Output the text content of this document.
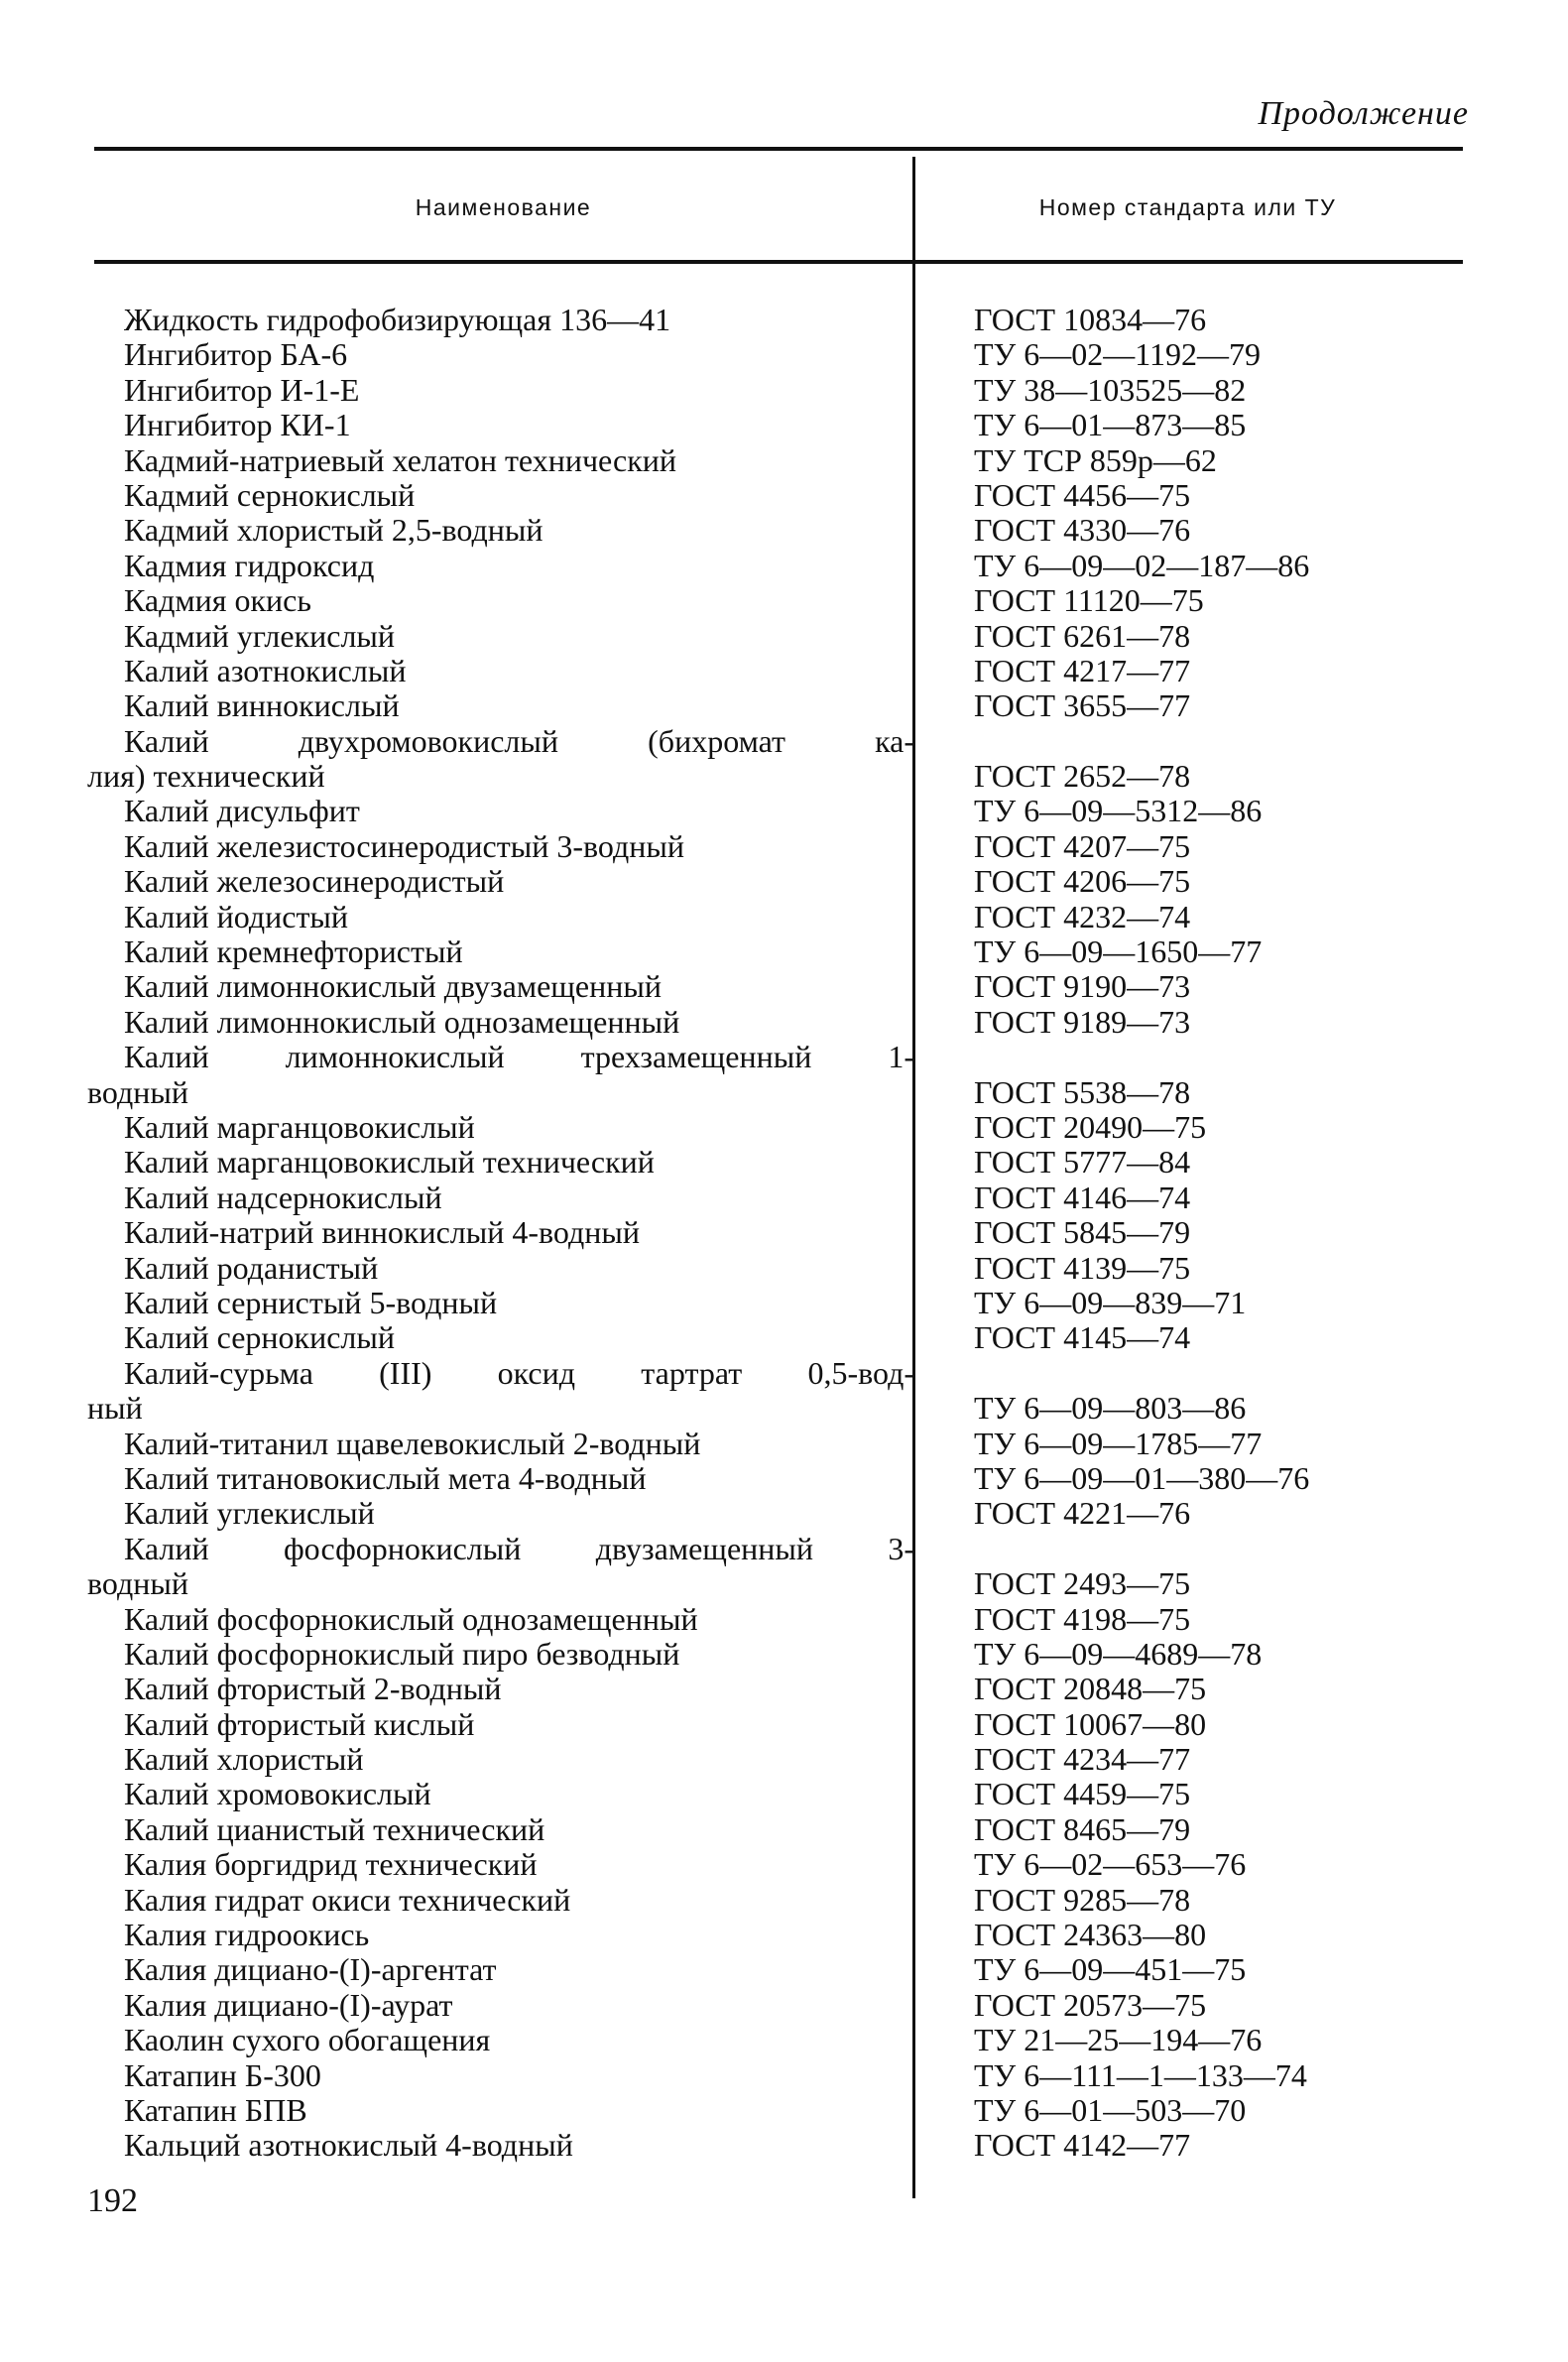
Продолжение
Наименование	Номер стандарта или ТУ
Жидкость гидрофобизирующая 136—41	ГОСТ 10834—76
Ингибитор БА-6	ТУ 6—02—1192—79
Ингибитор И-1-Е	ТУ 38—103525—82
Ингибитор КИ-1	ТУ 6—01—873—85
Кадмий-натриевый хелатон технический	ТУ ТСР 859р—62
Кадмий сернокислый	ГОСТ 4456—75
Кадмий хлористый 2,5-водный	ГОСТ 4330—76
Кадмия гидроксид	ТУ 6—09—02—187—86
Кадмия окись	ГОСТ 11120—75
Кадмий углекислый	ГОСТ 6261—78
Калий азотнокислый	ГОСТ 4217—77
Калий виннокислый	ГОСТ 3655—77
Калий двухромовокислый (бихромат ка-
лия) технический	ГОСТ 2652—78
Калий дисульфит	ТУ 6—09—5312—86
Калий железистосинеродистый 3-водный	ГОСТ 4207—75
Калий железосинеродистый	ГОСТ 4206—75
Калий йодистый	ГОСТ 4232—74
Калий кремнефтористый	ТУ 6—09—1650—77
Калий лимоннокислый двузамещенный	ГОСТ 9190—73
Калий лимоннокислый однозамещенный	ГОСТ 9189—73
Калий лимоннокислый трехзамещенный 1-
водный	ГОСТ 5538—78
Калий марганцовокислый	ГОСТ 20490—75
Калий марганцовокислый технический	ГОСТ 5777—84
Калий надсернокислый	ГОСТ 4146—74
Калий-натрий виннокислый 4-водный	ГОСТ 5845—79
Калий роданистый	ГОСТ 4139—75
Калий сернистый 5-водный	ТУ 6—09—839—71
Калий сернокислый	ГОСТ 4145—74
Калий-сурьма (III) оксид тартрат 0,5-вод-
ный	ТУ 6—09—803—86
Калий-титанил щавелевокислый 2-водный	ТУ 6—09—1785—77
Калий титановокислый мета 4-водный	ТУ 6—09—01—380—76
Калий углекислый	ГОСТ 4221—76
Калий фосфорнокислый двузамещенный 3-
водный	ГОСТ 2493—75
Калий фосфорнокислый однозамещенный	ГОСТ 4198—75
Калий фосфорнокислый пиро безводный	ТУ 6—09—4689—78
Калий фтористый 2-водный	ГОСТ 20848—75
Калий фтористый кислый	ГОСТ 10067—80
Калий хлористый	ГОСТ 4234—77
Калий хромовокислый	ГОСТ 4459—75
Калий цианистый технический	ГОСТ 8465—79
Калия боргидрид технический	ТУ 6—02—653—76
Калия гидрат окиси технический	ГОСТ 9285—78
Калия гидроокись	ГОСТ 24363—80
Калия дициано-(I)-аргентат	ТУ 6—09—451—75
Калия дициано-(I)-аурат	ГОСТ 20573—75
Каолин сухого обогащения	ТУ 21—25—194—76
Катапин Б-300	ТУ 6—111—1—133—74
Катапин БПВ	ТУ 6—01—503—70
Кальций азотнокислый 4-водный	ГОСТ 4142—77
192
